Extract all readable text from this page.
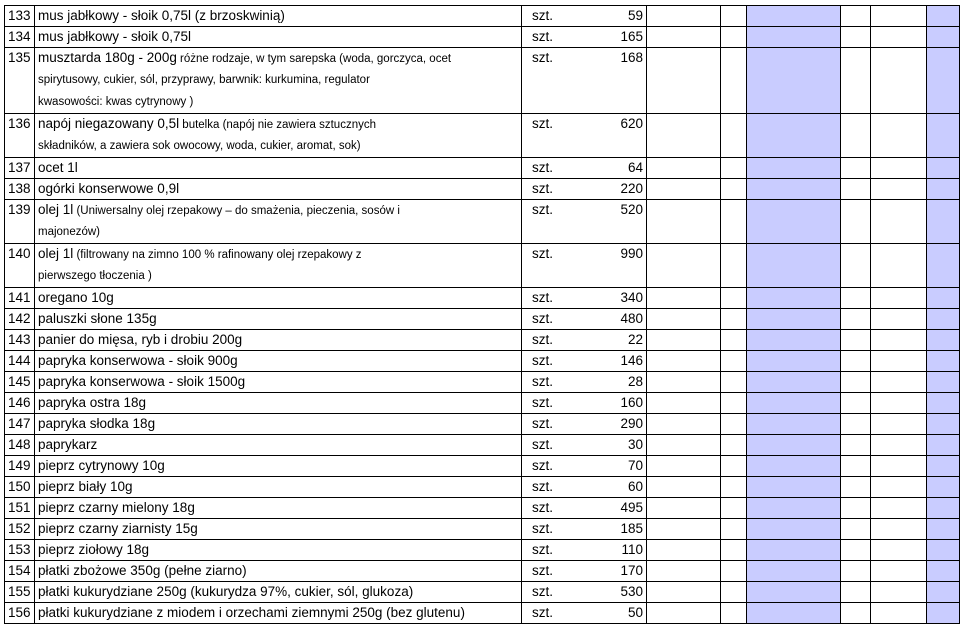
133	mus jabłkowy - słoik 0,75l (z brzoskwinią)	szt.	59						
134	mus jabłkowy - słoik 0,75l	szt.	165						
135	musztarda 180g - 200g różne rodzaje, w tym sarepska (woda, gorczyca, ocet
spirytusowy, cukier, sól, przyprawy, barwnik: kurkumina, regulator
kwasowości: kwas cytrynowy )	szt.	168						
136	napój niegazowany 0,5l butelka (napój nie zawiera sztucznych
składników, a zawiera sok owocowy, woda, cukier, aromat, sok)	szt.	620						
137	ocet 1l	szt.	64						
138	ogórki konserwowe 0,9l	szt.	220						
139	olej 1l (Uniwersalny olej rzepakowy – do smażenia, pieczenia, sosów i
majonezów)	szt.	520						
140	olej 1l (filtrowany na zimno 100 % rafinowany olej rzepakowy z
pierwszego tłoczenia )	szt.	990						
141	oregano 10g	szt.	340						
142	paluszki słone 135g	szt.	480						
143	panier do mięsa, ryb i drobiu 200g	szt.	22						
144	papryka konserwowa - słoik 900g	szt.	146						
145	papryka konserwowa - słoik 1500g	szt.	28						
146	papryka ostra 18g	szt.	160						
147	papryka słodka 18g	szt.	290						
148	paprykarz	szt.	30						
149	pieprz cytrynowy 10g	szt.	70						
150	pieprz biały 10g	szt.	60						
151	pieprz czarny mielony 18g	szt.	495						
152	pieprz czarny ziarnisty 15g	szt.	185						
153	pieprz ziołowy 18g	szt.	110						
154	płatki zbożowe 350g (pełne ziarno)	szt.	170						
155	płatki kukurydziane 250g (kukurydza 97%, cukier, sól, glukoza)	szt.	530						
156	płatki kukurydziane z miodem i orzechami ziemnymi 250g (bez glutenu)	szt.	50						
